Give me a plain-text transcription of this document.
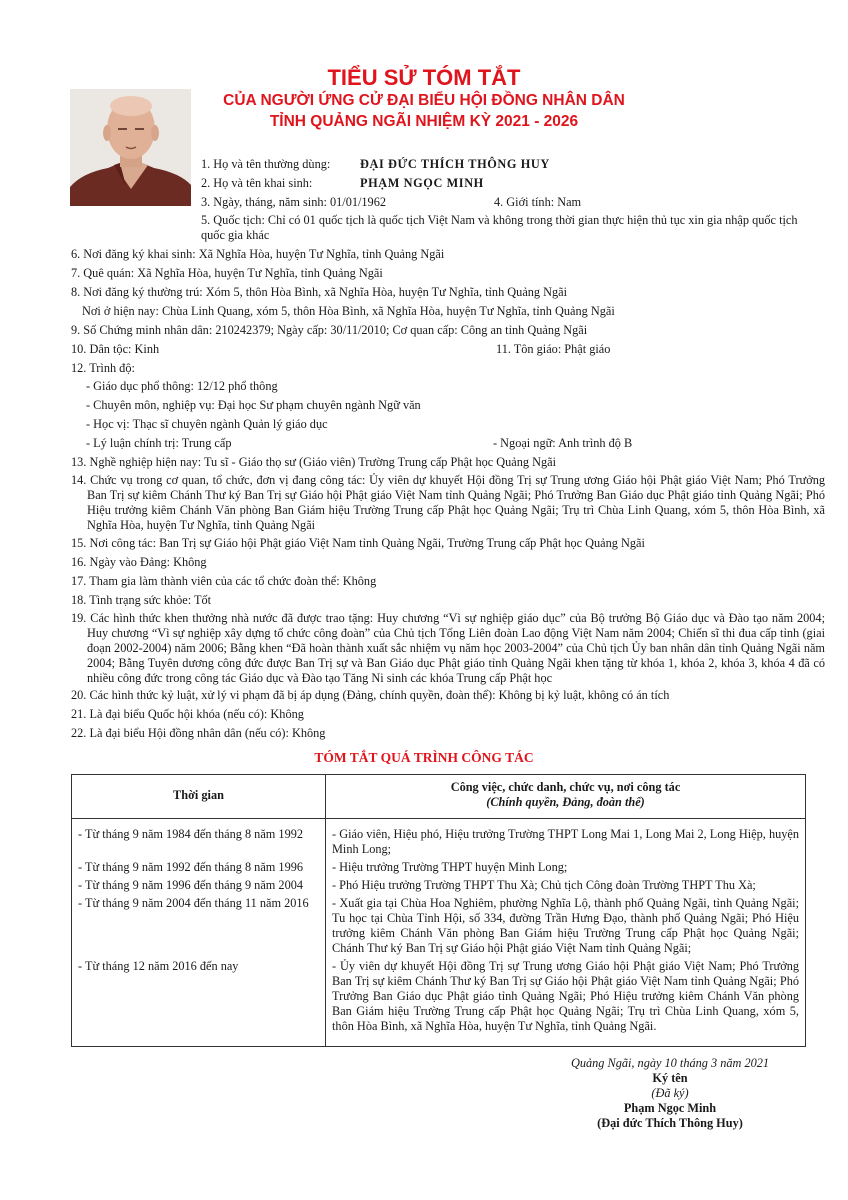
TIỂU SỬ TÓM TẮT
CỦA NGƯỜI ỨNG CỬ ĐẠI BIỂU HỘI ĐỒNG NHÂN DÂN
TỈNH QUẢNG NGÃI NHIỆM KỲ 2021 - 2026
1. Họ và tên thường dùng: ĐẠI ĐỨC THÍCH THÔNG HUY
2. Họ và tên khai sinh:	PHẠM NGỌC MINH
3. Ngày, tháng, năm sinh: 01/01/1962	4. Giới tính: Nam
5. Quốc tịch: Chỉ có 01 quốc tịch là quốc tịch Việt Nam và không trong thời gian thực hiện thủ tục xin gia nhập quốc tịch quốc gia khác
6. Nơi đăng ký khai sinh: Xã Nghĩa Hòa, huyện Tư Nghĩa, tỉnh Quảng Ngãi
7. Quê quán: Xã Nghĩa Hòa, huyện Tư Nghĩa, tỉnh Quảng Ngãi
8. Nơi đăng ký thường trú: Xóm 5, thôn Hòa Bình, xã Nghĩa Hòa, huyện Tư Nghĩa, tỉnh Quảng Ngãi
Nơi ở hiện nay: Chùa Linh Quang, xóm 5, thôn Hòa Bình, xã Nghĩa Hòa, huyện Tư Nghĩa, tỉnh Quảng Ngãi
9. Số Chứng minh nhân dân: 210242379; Ngày cấp: 30/11/2010; Cơ quan cấp: Công an tỉnh Quảng Ngãi
10. Dân tộc: Kinh	11. Tôn giáo: Phật giáo
12. Trình độ:
- Giáo dục phổ thông: 12/12 phổ thông
- Chuyên môn, nghiệp vụ: Đại học Sư phạm chuyên ngành Ngữ văn
- Học vị: Thạc sĩ chuyên ngành Quản lý giáo dục
- Lý luận chính trị: Trung cấp	- Ngoại ngữ: Anh trình độ B
13. Nghề nghiệp hiện nay: Tu sĩ - Giáo thọ sư (Giáo viên) Trường Trung cấp Phật học Quảng Ngãi
14. Chức vụ trong cơ quan, tổ chức, đơn vị đang công tác: Ủy viên dự khuyết Hội đồng Trị sự Trung ương Giáo hội Phật giáo Việt Nam; Phó Trưởng Ban Trị sự kiêm Chánh Thư ký Ban Trị sự Giáo hội Phật giáo Việt Nam tỉnh Quảng Ngãi; Phó Trưởng Ban Giáo dục Phật giáo tỉnh Quảng Ngãi; Phó Hiệu trưởng kiêm Chánh Văn phòng Ban Giám hiệu Trường Trung cấp Phật học Quảng Ngãi; Trụ trì Chùa Linh Quang, xóm 5, thôn Hòa Bình, xã Nghĩa Hòa, huyện Tư Nghĩa, tỉnh Quảng Ngãi
15. Nơi công tác: Ban Trị sự Giáo hội Phật giáo Việt Nam tỉnh Quảng Ngãi, Trường Trung cấp Phật học Quảng Ngãi
16. Ngày vào Đảng: Không
17. Tham gia làm thành viên của các tổ chức đoàn thể: Không
18. Tình trạng sức khỏe: Tốt
19. Các hình thức khen thưởng nhà nước đã được trao tặng: Huy chương “Vì sự nghiệp giáo dục” của Bộ trưởng Bộ Giáo dục và Đào tạo năm 2004; Huy chương “Vì sự nghiệp xây dựng tổ chức công đoàn” của Chủ tịch Tổng Liên đoàn Lao động Việt Nam năm 2004; Chiến sĩ thi đua cấp tỉnh (giai đoạn 2002-2004) năm 2006; Bằng khen “Đã hoàn thành xuất sắc nhiệm vụ năm học 2003-2004” của Chủ tịch Ủy ban nhân dân tỉnh Quảng Ngãi năm 2004; Bằng Tuyên dương công đức được Ban Trị sự và Ban Giáo dục Phật giáo tỉnh Quảng Ngãi khen tặng từ khóa 1, khóa 2, khóa 3, khóa 4 đã có nhiều công đức trong công tác Giáo dục và Đào tạo Tăng Ni sinh các khóa Trung cấp Phật học
20. Các hình thức kỷ luật, xử lý vi phạm đã bị áp dụng (Đảng, chính quyền, đoàn thể): Không bị kỷ luật, không có án tích
21. Là đại biểu Quốc hội khóa (nếu có): Không
22. Là đại biểu Hội đồng nhân dân (nếu có): Không
TÓM TẮT QUÁ TRÌNH CÔNG TÁC
Thời gian	Công việc, chức danh, chức vụ, nơi công tác
(Chính quyền, Đảng, đoàn thể)

- Từ tháng 9 năm 1984 đến tháng 8 năm 1992	- Giáo viên, Hiệu phó, Hiệu trưởng Trường THPT Long Mai 1, Long Mai 2, Long Hiệp, huyện Minh Long;
- Từ tháng 9 năm 1992 đến tháng 8 năm 1996	- Hiệu trưởng Trường THPT huyện Minh Long;
- Từ tháng 9 năm 1996 đến tháng 9 năm 2004	- Phó Hiệu trưởng Trường THPT Thu Xà; Chủ tịch Công đoàn Trường THPT Thu Xà;
- Từ tháng 9 năm 2004 đến tháng 11 năm 2016	- Xuất gia tại Chùa Hoa Nghiêm, phường Nghĩa Lộ, thành phố Quảng Ngãi, tỉnh Quảng Ngãi; Tu học tại Chùa Tỉnh Hội, số 334, đường Trần Hưng Đạo, thành phố Quảng Ngãi; Phó Hiệu trưởng kiêm Chánh Văn phòng Ban Giám hiệu Trường Trung cấp Phật học Quảng Ngãi; Chánh Thư ký Ban Trị sự Giáo hội Phật giáo Việt Nam tỉnh Quảng Ngãi;
- Từ tháng 12 năm 2016 đến nay	- Ủy viên dự khuyết Hội đồng Trị sự Trung ương Giáo hội Phật giáo Việt Nam; Phó Trưởng Ban Trị sự kiêm Chánh Thư ký Ban Trị sự Giáo hội Phật giáo Việt Nam tỉnh Quảng Ngãi; Phó Trưởng Ban Giáo dục Phật giáo tỉnh Quảng Ngãi; Phó Hiệu trưởng kiêm Chánh Văn phòng Ban Giám hiệu Trường Trung cấp Phật học Quảng Ngãi; Trụ trì Chùa Linh Quang, xóm 5, thôn Hòa Bình, xã Nghĩa Hòa, huyện Tư Nghĩa, tỉnh Quảng Ngãi.
Quảng Ngãi, ngày 10 tháng 3 năm 2021
Ký tên
(Đã ký)
Phạm Ngọc Minh
(Đại đức Thích Thông Huy)
